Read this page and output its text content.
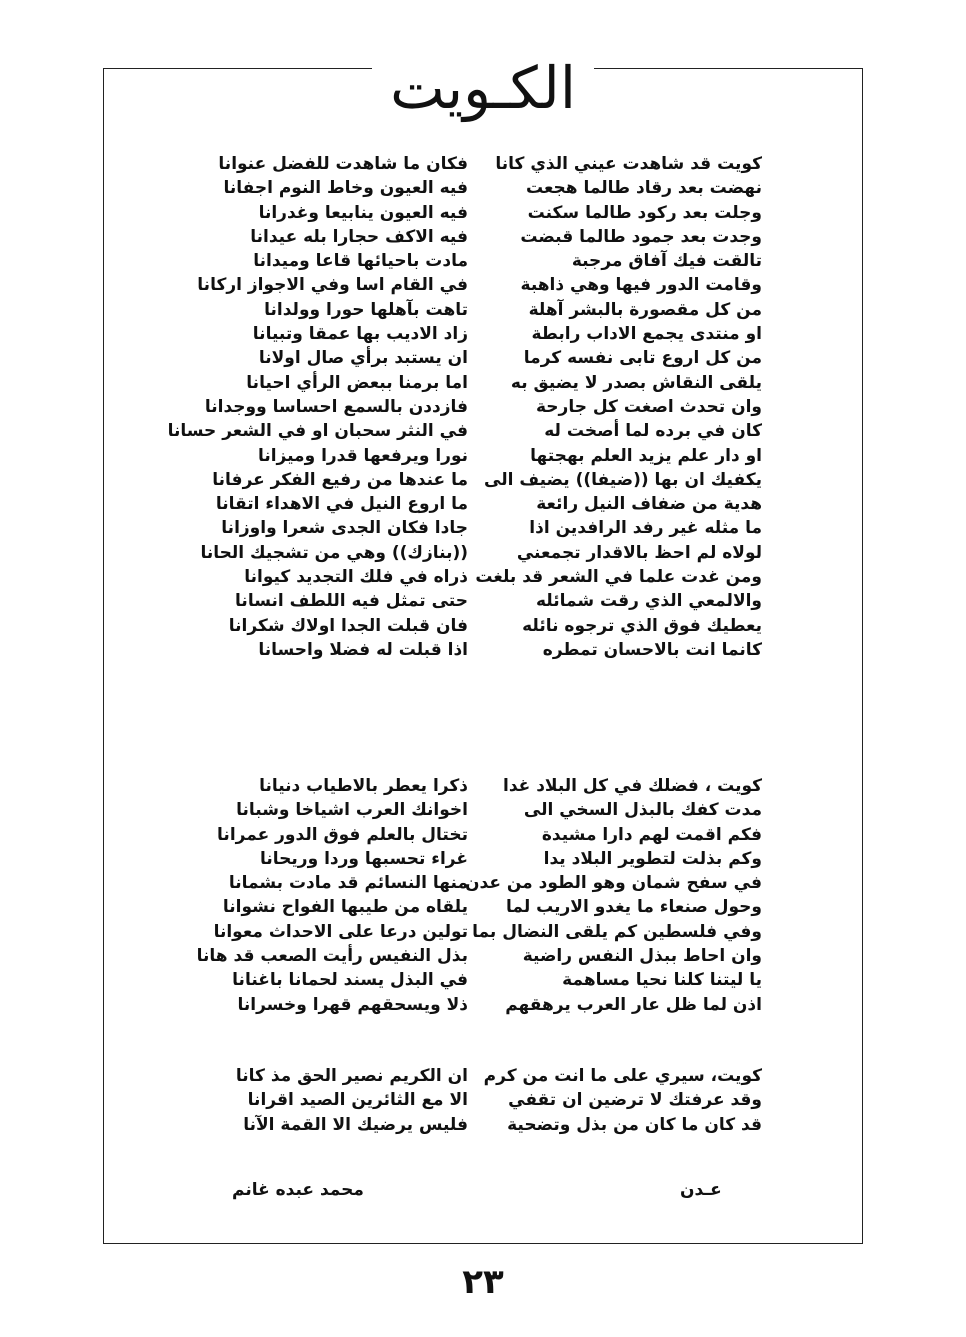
الكـويت
كويت قد شاهدت عيني الذي كانا
نهضت بعد رقاد طالما هجعت
وجلت بعد ركود طالما سكنت
وجدت بعد جمود طالما قبضت
تالقت فيك آفاق مرجبة
وقامت الدور فيها وهي ذاهبة
من كل مقصورة بالبشر آهلة
او منتدى يجمع الاداب رابطة
من كل اروع تابى نفسه كرما
يلقى النقاش بصدر لا يضيق به
وان تحدث اصغت كل جارحة
كان في برده لما أصخت له
او دار علم يزيد العلم بهجتها
يكفيك ان بها ((ضيفا)) يضيف الى
هدية من ضفاف النيل رائعة
ما مثله غير رفد الرافدين اذا
لولاه لم احظ بالاقدار تجمعني
ومن غدت علما في الشعر قد بلغت
والالمعي الذي رقت شمائله
يعطيك فوق الذي ترجوه نائله
كانما انت بالاحسان تمطره
فكان ما شاهدت للفضل عنوانا
فيه العيون وخاط النوم اجفانا
فيه العيون ينابيعا وغدرانا
فيه الاكف حجارا بله عيدانا
مادت باحيائها قاعا وميدانا
في القام اسا وفي الاجواز اركانا
تاهت بآهلها حورا وولدانا
زاد الاديب بها عمقا وتبيانا
ان يستبد برأي صال اولانا
اما برمنا ببعض الرأي احيانا
فازددن بالسمع احساسا ووجدانا
في النثر سحبان او في الشعر حسانا
نورا ويرفعها قدرا وميزانا
ما عندها من رفيع الفكر عرفانا
ما اروع النيل في الاهداء اتقانا
جادا فكان الجدى شعرا واوزانا
((بنازك)) وهي من تشجيك الحانا
ذراه في فلك التجديد كيوانا
حتى تمثل فيه اللطف انسانا
فان قبلت الجدا اولاك شكرانا
اذا قبلت له فضلا واحسانا
كويت ، فضلك في كل البلاد غدا
مدت كفك بالبذل السخي الى
فكم اقمت لهم دارا مشيدة
وكم بذلت لتطوير البلاد يدا
في سفح شمان وهو الطود من عدن
وحول صنعاء ما يغدو الاريب لما
وفي فلسطين كم يلقى النضال بما
وان احاط ببذل النفس راضية
يا ليتنا كلنا نحيا مساهمة
اذن لما ظل عار العرب يرهقهم
ذكرا يعطر بالاطياب دنيانا
اخوانك العرب اشياخا وشبانا
تختال بالعلم فوق الدور عمرانا
غراء تحسبها وردا وريحانا
منها النسائم قد مادت بشمانا
يلقاه من طيبها الفواح نشوانا
تولين درعا على الاحداث معوانا
بذل النفيس رأيت الصعب قد هانا
في البذل يسند لحمانا باغنانا
ذلا ويسحقهم قهرا وخسرانا
كويت، سيري على ما انت من كرم
وقد عرفتك لا ترضين ان تقفي
قد كان ما كان من بذل وتضحية
ان الكريم نصير الحق مذ كانا
الا مع الثائرين الصيد اقرانا
فليس يرضيك الا القمة الآنا
عـدن
محمد عبده غانم
٢٣
